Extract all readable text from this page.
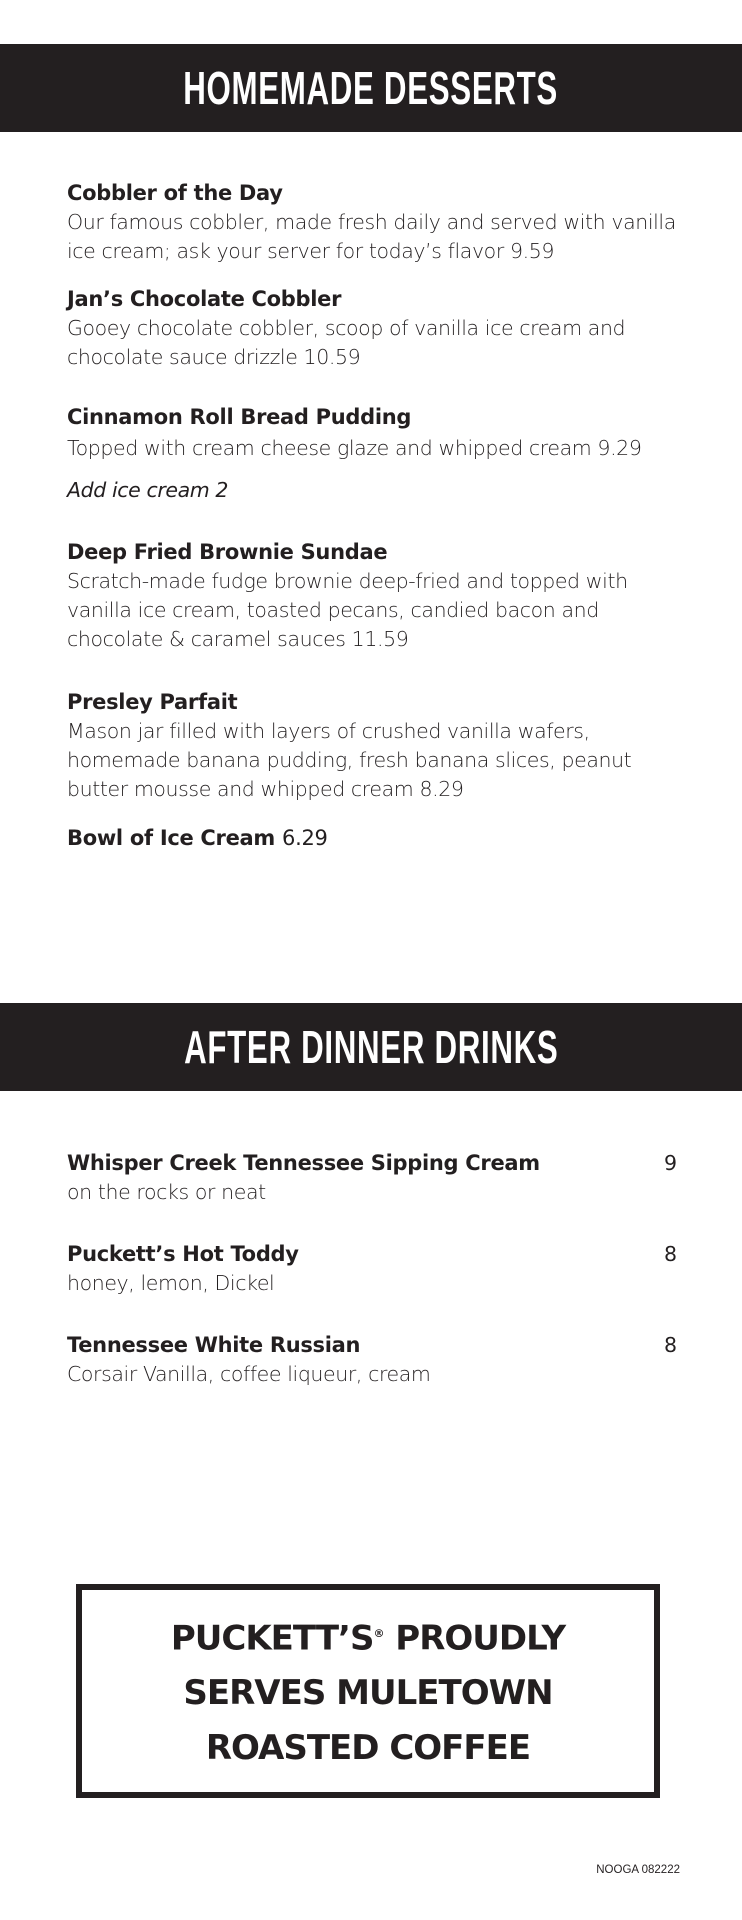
HOMEMADE DESSERTS
Cobbler of the Day
Our famous cobbler, made fresh daily and served with vanilla ice cream; ask your server for today’s flavor 9.59
Jan’s Chocolate Cobbler
Gooey chocolate cobbler, scoop of vanilla ice cream and chocolate sauce drizzle 10.59
Cinnamon Roll Bread Pudding
Topped with cream cheese glaze and whipped cream 9.29
Add ice cream 2
Deep Fried Brownie Sundae
Scratch-made fudge brownie deep-fried and topped with vanilla ice cream, toasted pecans, candied bacon and chocolate & caramel sauces 11.59
Presley Parfait
Mason jar filled with layers of crushed vanilla wafers, homemade banana pudding, fresh banana slices, peanut butter mousse and whipped cream 8.29
Bowl of Ice Cream 6.29
AFTER DINNER DRINKS
Whisper Creek Tennessee Sipping Cream
on the rocks or neat
9
Puckett’s Hot Toddy
honey, lemon, Dickel
8
Tennessee White Russian
Corsair Vanilla, coffee liqueur, cream
8

PUCKETT’S® PROUDLY
SERVES MULETOWN
ROASTED COFFEE

NOOGA 082222
